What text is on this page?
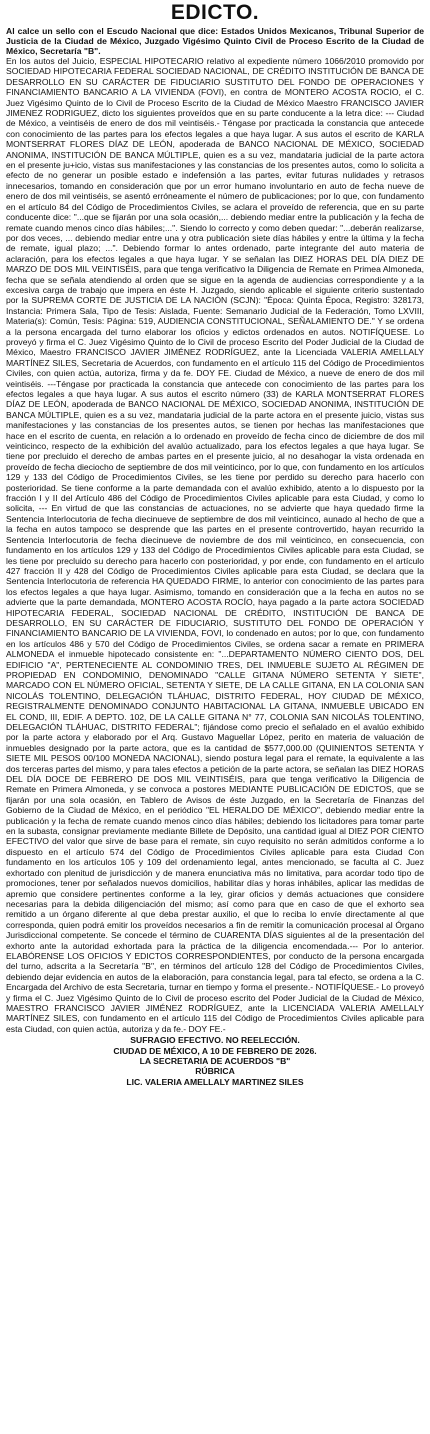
EDICTO.

Al calce un sello con el Escudo Nacional que dice: Estados Unidos Mexicanos, Tribunal Superior de Justicia de la Ciudad de México, Juzgado Vigésimo Quinto Civil de Proceso Escrito de la Ciudad de México, Secretaría "B".

En los autos del Juicio, ESPECIAL HIPOTECARIO relativo al expediente número 1066/2010 promovido por SOCIEDAD HIPOTECARIA FEDERAL SOCIEDAD NACIONAL, DE CRÉDITO INSTITUCIÓN DE BANCA DE DESARROLLO EN SU CARÁCTER DE FIDUCIARIO SUSTITUTO DEL FONDO DE OPERACIONES Y FINANCIAMIENTO BANCARIO A LA VIVIENDA (FOVI), en contra de MONTERO ACOSTA ROCIO, el C. Juez Vigésimo Quinto de lo Civil de Proceso Escrito de la Ciudad de México Maestro FRANCISCO JAVIER JIMENEZ RODRIGUEZ, dicto los siguientes proveídos que en su parte conducente a la letra dice: --- Ciudad de México, a veintiséis de enero de dos mil veintiséis.- Téngase por practicada la constancia que antecede con conocimiento de las partes para los efectos legales a que haya lugar. A sus autos el escrito de KARLA MONTSERRAT FLORES DÍAZ DE LEÓN, apoderada de BANCO NACIONAL DE MÉXICO, SOCIEDAD ANONIMA, INSTITUCIÓN DE BANCA MÚLTIPLE, quien es a su vez, mandataria judicial de la parte actora en el presente ju+icio, vistas sus manifestaciones y las constancias de los presentes autos, como lo solicita a efecto de no generar un posible estado e indefensión a las partes, evitar futuras nulidades y retrasos innecesarios, tomando en consideración que por un error humano involuntario en auto de fecha nueve de enero de dos mil veintiséis, se asentó erróneamente el número de publicaciones; por lo que, con fundamento en el artículo 84 del Código de Procedimientos Civiles, se aclara el proveído de referencia, que en su parte conducente dice: "...que se fijarán por una sola ocasión,... debiendo mediar entre la publicación y la fecha de remate cuando menos cinco días hábiles;...". Siendo lo correcto y como deben quedar: "...deberán realizarse, por dos veces, ... debiendo mediar entre una y otra publicación siete días hábiles y entre la última y la fecha de remate, igual plazo; ...". Debiendo formar lo antes ordenado, parte integrante del auto materia de aclaración, para los efectos legales a que haya lugar. Y se señalan las DIEZ HORAS DEL DÍA DIEZ DE MARZO DE DOS MIL VEINTISÉIS, para que tenga verificativo la Diligencia de Remate en Primea Almoneda, fecha que se señala atendiendo al orden que se sigue en la agenda de audiencias correspondiente y a la excesiva carga de trabajo que impera en éste H. Juzgado, siendo aplicable el siguiente criterio sustentado por la SUPREMA CORTE DE JUSTICIA DE LA NACIÓN (SCJN): "Época: Quinta Época, Registro: 328173, Instancia: Primera Sala, Tipo de Tesis: Aislada, Fuente: Semanario Judicial de la Federación, Tomo LXVIII, Materia(s): Común, Tesis: Página: 519, AUDIENCIA CONSTITUCIONAL, SEÑALAMIENTO DE." Y se ordena a la persona encargada del turno elaborar los oficios y edictos ordenados en autos. NOTIFÍQUESE. Lo proveyó y firma el C. Juez Vigésimo Quinto de lo Civil de proceso Escrito del Poder Judicial de la Ciudad de México, Maestro FRANCISCO JAVIER JIMÉNEZ RODRÍGUEZ, ante la Licenciada VALERIA AMELLALY MARTÍNEZ SILES, Secretaria de Acuerdos, con fundamento en el artículo 115 del Código de Procedimientos Civiles, con quien actúa, autoriza, firma y da fe. DOY FE. Ciudad de México, a nueve de enero de dos mil veintiséis. ---Téngase por practicada la constancia que antecede con conocimiento de las partes para los efectos legales a que haya lugar. A sus autos el escrito número (33) de KARLA MONTSERRAT FLORES DÍAZ DE LEÓN, apoderada de BANCO NACIONAL DE MÉXICO, SOCIEDAD ANONIMA, INSTITUCIÓN DE BANCA MÚLTIPLE, quien es a su vez, mandataria judicial de la parte actora en el presente juicio, vistas sus manifestaciones y las constancias de los presentes autos, se tienen por hechas las manifestaciones que hace en el escrito de cuenta, en relación a lo ordenado en proveído de fecha cinco de diciembre de dos mil veinticinco, respecto de la exhibición del avalúo actualizado, para los efectos legales a que haya lugar. Se tiene por precluido el derecho de ambas partes en el presente juicio, al no desahogar la vista ordenada en proveído de fecha dieciocho de septiembre de dos mil veinticinco, por lo que, con fundamento en los artículos 129 y 133 del Código de Procedimientos Civiles, se les tiene por perdido su derecho para hacerlo con posterioridad. Se tiene conforme a la parte demandada con el avalúo exhibido, atento a lo dispuesto por la fracción I y II del Artículo 486 del Código de Procedimientos Civiles aplicable para esta Ciudad, y como lo solicita, --- En virtud de que las constancias de actuaciones, no se advierte que haya quedado firme la Sentencia Interlocutoria de fecha diecinueve de septiembre de dos mil veinticinco, aunado al hecho de que a la fecha en autos tampoco se desprende que las partes en el presente controvertido, hayan recurrido la Sentencia Interlocutoria de fecha diecinueve de noviembre de dos mil veinticinco, en consecuencia, con fundamento en los artículos 129 y 133 del Código de Procedimientos Civiles aplicable para esta Ciudad, se les tiene por precluido su derecho para hacerlo con posterioridad, y por ende, con fundamento en el artículo 427 fracción II y 428 del Código de Procedimientos Civiles aplicable para esta Ciudad, se declara que la Sentencia Interlocutoria de referencia HA QUEDADO FIRME, lo anterior con conocimiento de las partes para los efectos legales a que haya lugar. Asimismo, tomando en consideración que a la fecha en autos no se advierte que la parte demandada, MONTERO ACOSTA ROCÍO, haya pagado a la parte actora SOCIEDAD HIPOTECARIA FEDERAL, SOCIEDAD NACIONAL DE CRÉDITO, INSTITUCIÓN DE BANCA DE DESARROLLO, EN SU CARÁCTER DE FIDUCIARIO, SUSTITUTO DEL FONDO DE OPERACIÓN Y FINANCIAMIENTO BANCARIO DE LA VIVIENDA, FOVI, lo condenado en autos; por lo que, con fundamento en los artículos 486 y 570 del Código de Procedimientos Civiles, se ordena sacar a remate en PRIMERA ALMONEDA el inmueble hipotecado consistente en: "...DEPARTAMENTO NÚMERO CIENTO DOS, DEL EDIFICIO "A", PERTENECIENTE AL CONDOMINIO TRES, DEL INMUEBLE SUJETO AL RÉGIMEN DE PROPIEDAD EN CONDOMINIO, DENOMINADO "CALLE GITANA NÚMERO SETENTA Y SIETE", MARCADO CON EL NÚMERO OFICIAL, SETENTA Y SIETE, DE LA CALLE GITANA, EN LA COLONIA SAN NICOLÁS TOLENTINO, DELEGACIÓN TLÁHUAC, DISTRITO FEDERAL, HOY CIUDAD DE MÉXICO, REGISTRALMENTE DENOMINADO CONJUNTO HABITACIONAL LA GITANA, INMUEBLE UBICADO EN EL COND, III, EDIF. A DEPTO. 102, DE LA CALLE GITANA N° 77, COLONIA SAN NICOLÁS TOLENTINO, DELEGACIÓN TLÁHUAC, DISTRITO FEDERAL"; fijándose como precio el señalado en el avalúo exhibido por la parte actora y elaborado por el Arq. Gustavo Maguellar López, perito en materia de valuación de inmuebles designado por la parte actora, que es la cantidad de $577,000.00 (QUINIENTOS SETENTA Y SIETE MIL PESOS 00/100 MONEDA NACIONAL), siendo postura legal para el remate, la equivalente a las dos terceras partes del mismo, y para tales efectos a petición de la parte actora, se señalan las DIEZ HORAS DEL DÍA DOCE DE FEBRERO DE DOS MIL VEINTISÉIS, para que tenga verificativo la Diligencia de Remate en Primera Almoneda, y se convoca a postores MEDIANTE PUBLICACIÓN DE EDICTOS, que se fijarán por una sola ocasión, en Tablero de Avisos de éste Juzgado, en la Secretaría de Finanzas del Gobierno de la Ciudad de México, en el periódico "EL HERALDO DE MÉXICO", debiendo mediar entre la publicación y la fecha de remate cuando menos cinco días hábiles; debiendo los licitadores para tomar parte en la subasta, consignar previamente mediante Billete de Depósito, una cantidad igual al DIEZ POR CIENTO EFECTIVO del valor que sirve de base para el remate, sin cuyo requisito no serán admitidos conforme a lo dispuesto en el artículo 574 del Código de Procedimientos Civiles aplicable para esta Ciudad Con fundamento en los artículos 105 y 109 del ordenamiento legal, antes mencionado, se faculta al C. Juez exhortado con plenitud de jurisdicción y de manera enunciativa más no limitativa, para acordar todo tipo de promociones, tener por señalados nuevos domicilios, habilitar días y horas inhábiles, aplicar las medidas de apremio que considere pertinentes conforme a la ley, girar oficios y demás actuaciones que considere necesarias para la debida diligenciación del mismo; así como para que en caso de que el exhorto sea remitido a un órgano diferente al que deba prestar auxilio, el que lo reciba lo envíe directamente al que corresponda, quien podrá emitir los proveídos necesarios a fin de remitir la comunicación procesal al Órgano Jurisdiccional competente. Se concede el término de CUARENTA DÍAS siguientes al de la presentación del exhorto ante la autoridad exhortada para la práctica de la diligencia encomendada.--- Por lo anterior. ELABÓRENSE LOS OFICIOS Y EDICTOS CORRESPONDIENTES, por conducto de la persona encargada del turno, adscrita a la Secretaría "B", en términos del artículo 128 del Código de Procedimientos Civiles, debiendo dejar evidencia en autos de la elaboración, para constancia legal, para tal efecto, se ordena a la C. Encargada del Archivo de esta Secretaria, turnar en tiempo y forma el presente.- NOTIFÍQUESE.- Lo proveyó y firma el C. Juez Vigésimo Quinto de lo Civil de proceso escrito del Poder Judicial de la Ciudad de México, MAESTRO FRANCISCO JAVIER JIMÉNEZ RODRÍGUEZ, ante la LICENCIADA VALERIA AMELLALY MARTÍNEZ SILES, con fundamento en el artículo 115 del Código de Procedimientos Civiles aplicable para esta Ciudad, con quien actúa, autoriza y da fe.- DOY FE.-

SUFRAGIO EFECTIVO. NO REELECCIÓN.
CIUDAD DE MÉXICO, A 10 DE FEBRERO DE 2026.
LA SECRETARIA DE ACUERDOS "B"
RÚBRICA
LIC. VALERIA AMELLALY MARTINEZ SILES
